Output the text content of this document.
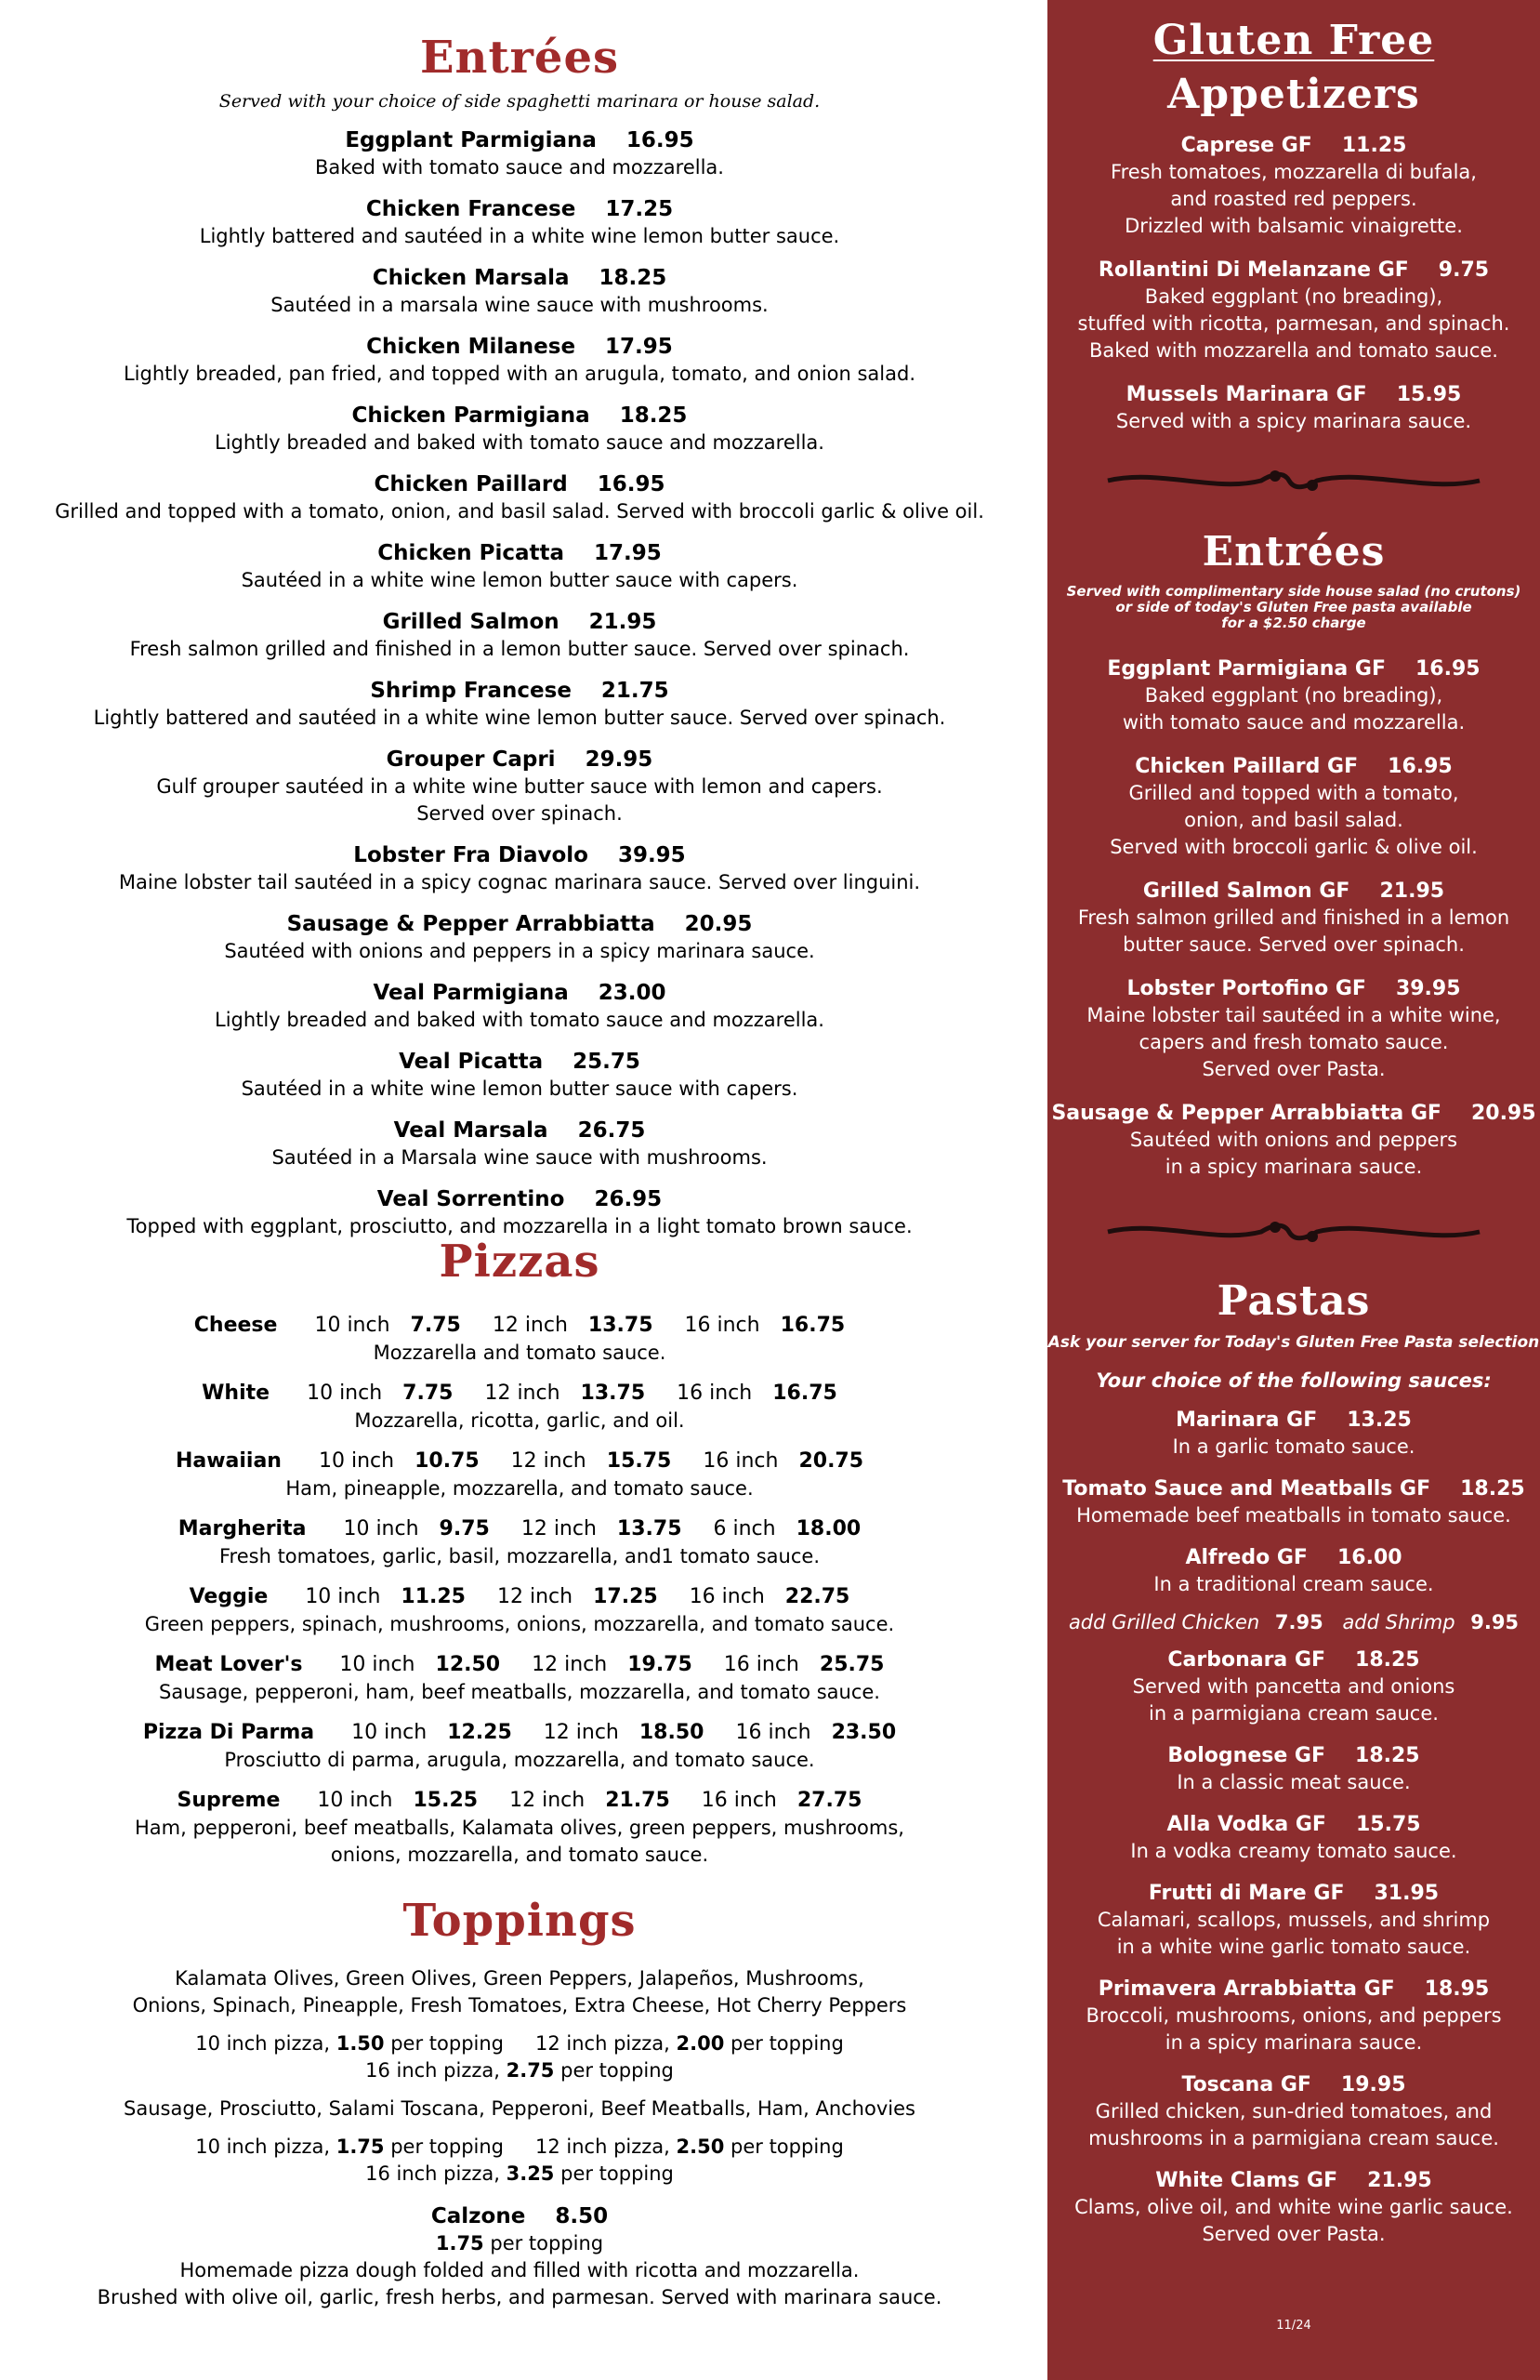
Entrées
Served with your choice of side spaghetti marinara or house salad.
Eggplant Parmigiana 16.95
Baked with tomato sauce and mozzarella.
Chicken Francese 17.25
Lightly battered and sautéed in a white wine lemon butter sauce.
Chicken Marsala 18.25
Sautéed in a marsala wine sauce with mushrooms.
Chicken Milanese 17.95
Lightly breaded, pan fried, and topped with an arugula, tomato, and onion salad.
Chicken Parmigiana 18.25
Lightly breaded and baked with tomato sauce and mozzarella.
Chicken Paillard 16.95
Grilled and topped with a tomato, onion, and basil salad. Served with broccoli garlic & olive oil.
Chicken Picatta 17.95
Sautéed in a white wine lemon butter sauce with capers.
Grilled Salmon 21.95
Fresh salmon grilled and finished in a lemon butter sauce. Served over spinach.
Shrimp Francese 21.75
Lightly battered and sautéed in a white wine lemon butter sauce. Served over spinach.
Grouper Capri 29.95
Gulf grouper sautéed in a white wine butter sauce with lemon and capers.
Served over spinach.
Lobster Fra Diavolo 39.95
Maine lobster tail sautéed in a spicy cognac marinara sauce. Served over linguini.
Sausage & Pepper Arrabbiatta 20.95
Sautéed with onions and peppers in a spicy marinara sauce.
Veal Parmigiana 23.00
Lightly breaded and baked with tomato sauce and mozzarella.
Veal Picatta 25.75
Sautéed in a white wine lemon butter sauce with capers.
Veal Marsala 26.75
Sautéed in a Marsala wine sauce with mushrooms.
Veal Sorrentino 26.95
Topped with eggplant, prosciutto, and mozzarella in a light tomato brown sauce.
Pizzas
Cheese 10 inch 7.75 12 inch 13.75 16 inch 16.75
Mozzarella and tomato sauce.
White 10 inch 7.75 12 inch 13.75 16 inch 16.75
Mozzarella, ricotta, garlic, and oil.
Hawaiian 10 inch 10.75 12 inch 15.75 16 inch 20.75
Ham, pineapple, mozzarella, and tomato sauce.
Margherita 10 inch 9.75 12 inch 13.75 6 inch 18.00
Fresh tomatoes, garlic, basil, mozzarella, and1 tomato sauce.
Veggie 10 inch 11.25 12 inch 17.25 16 inch 22.75
Green peppers, spinach, mushrooms, onions, mozzarella, and tomato sauce.
Meat Lover's 10 inch 12.50 12 inch 19.75 16 inch 25.75
Sausage, pepperoni, ham, beef meatballs, mozzarella, and tomato sauce.
Pizza Di Parma 10 inch 12.25 12 inch 18.50 16 inch 23.50
Prosciutto di parma, arugula, mozzarella, and tomato sauce.
Supreme 10 inch 15.25 12 inch 21.75 16 inch 27.75
Ham, pepperoni, beef meatballs, Kalamata olives, green peppers, mushrooms,
onions, mozzarella, and tomato sauce.
Toppings
Kalamata Olives, Green Olives, Green Peppers, Jalapeños, Mushrooms,
Onions, Spinach, Pineapple, Fresh Tomatoes, Extra Cheese, Hot Cherry Peppers
10 inch pizza, 1.50 per topping 12 inch pizza, 2.00 per topping
16 inch pizza, 2.75 per topping
Sausage, Prosciutto, Salami Toscana, Pepperoni, Beef Meatballs, Ham, Anchovies
10 inch pizza, 1.75 per topping 12 inch pizza, 2.50 per topping
16 inch pizza, 3.25 per topping
Calzone 8.50
1.75 per topping
Homemade pizza dough folded and filled with ricotta and mozzarella.
Brushed with olive oil, garlic, fresh herbs, and parmesan. Served with marinara sauce.
Gluten Free
Appetizers
Caprese GF 11.25
Fresh tomatoes, mozzarella di bufala,
and roasted red peppers.
Drizzled with balsamic vinaigrette.
Rollantini Di Melanzane GF 9.75
Baked eggplant (no breading),
stuffed with ricotta, parmesan, and spinach.
Baked with mozzarella and tomato sauce.
Mussels Marinara GF 15.95
Served with a spicy marinara sauce.
Entrées
Served with complimentary side house salad (no crutons)
or side of today's Gluten Free pasta available
for a $2.50 charge
Eggplant Parmigiana GF 16.95
Baked eggplant (no breading),
with tomato sauce and mozzarella.
Chicken Paillard GF 16.95
Grilled and topped with a tomato,
onion, and basil salad.
Served with broccoli garlic & olive oil.
Grilled Salmon GF 21.95
Fresh salmon grilled and finished in a lemon
butter sauce. Served over spinach.
Lobster Portofino GF 39.95
Maine lobster tail sautéed in a white wine,
capers and fresh tomato sauce.
Served over Pasta.
Sausage & Pepper Arrabbiatta GF 20.95
Sautéed with onions and peppers
in a spicy marinara sauce.
Pastas
Ask your server for Today's Gluten Free Pasta selection
Your choice of the following sauces:
Marinara GF 13.25
In a garlic tomato sauce.
Tomato Sauce and Meatballs GF 18.25
Homemade beef meatballs in tomato sauce.
Alfredo GF 16.00
In a traditional cream sauce.
add Grilled Chicken 7.95 add Shrimp 9.95
Carbonara GF 18.25
Served with pancetta and onions
in a parmigiana cream sauce.
Bolognese GF 18.25
In a classic meat sauce.
Alla Vodka GF 15.75
In a vodka creamy tomato sauce.
Frutti di Mare GF 31.95
Calamari, scallops, mussels, and shrimp
in a white wine garlic tomato sauce.
Primavera Arrabbiatta GF 18.95
Broccoli, mushrooms, onions, and peppers
in a spicy marinara sauce.
Toscana GF 19.95
Grilled chicken, sun-dried tomatoes, and
mushrooms in a parmigiana cream sauce.
White Clams GF 21.95
Clams, olive oil, and white wine garlic sauce.
Served over Pasta.
11/24
